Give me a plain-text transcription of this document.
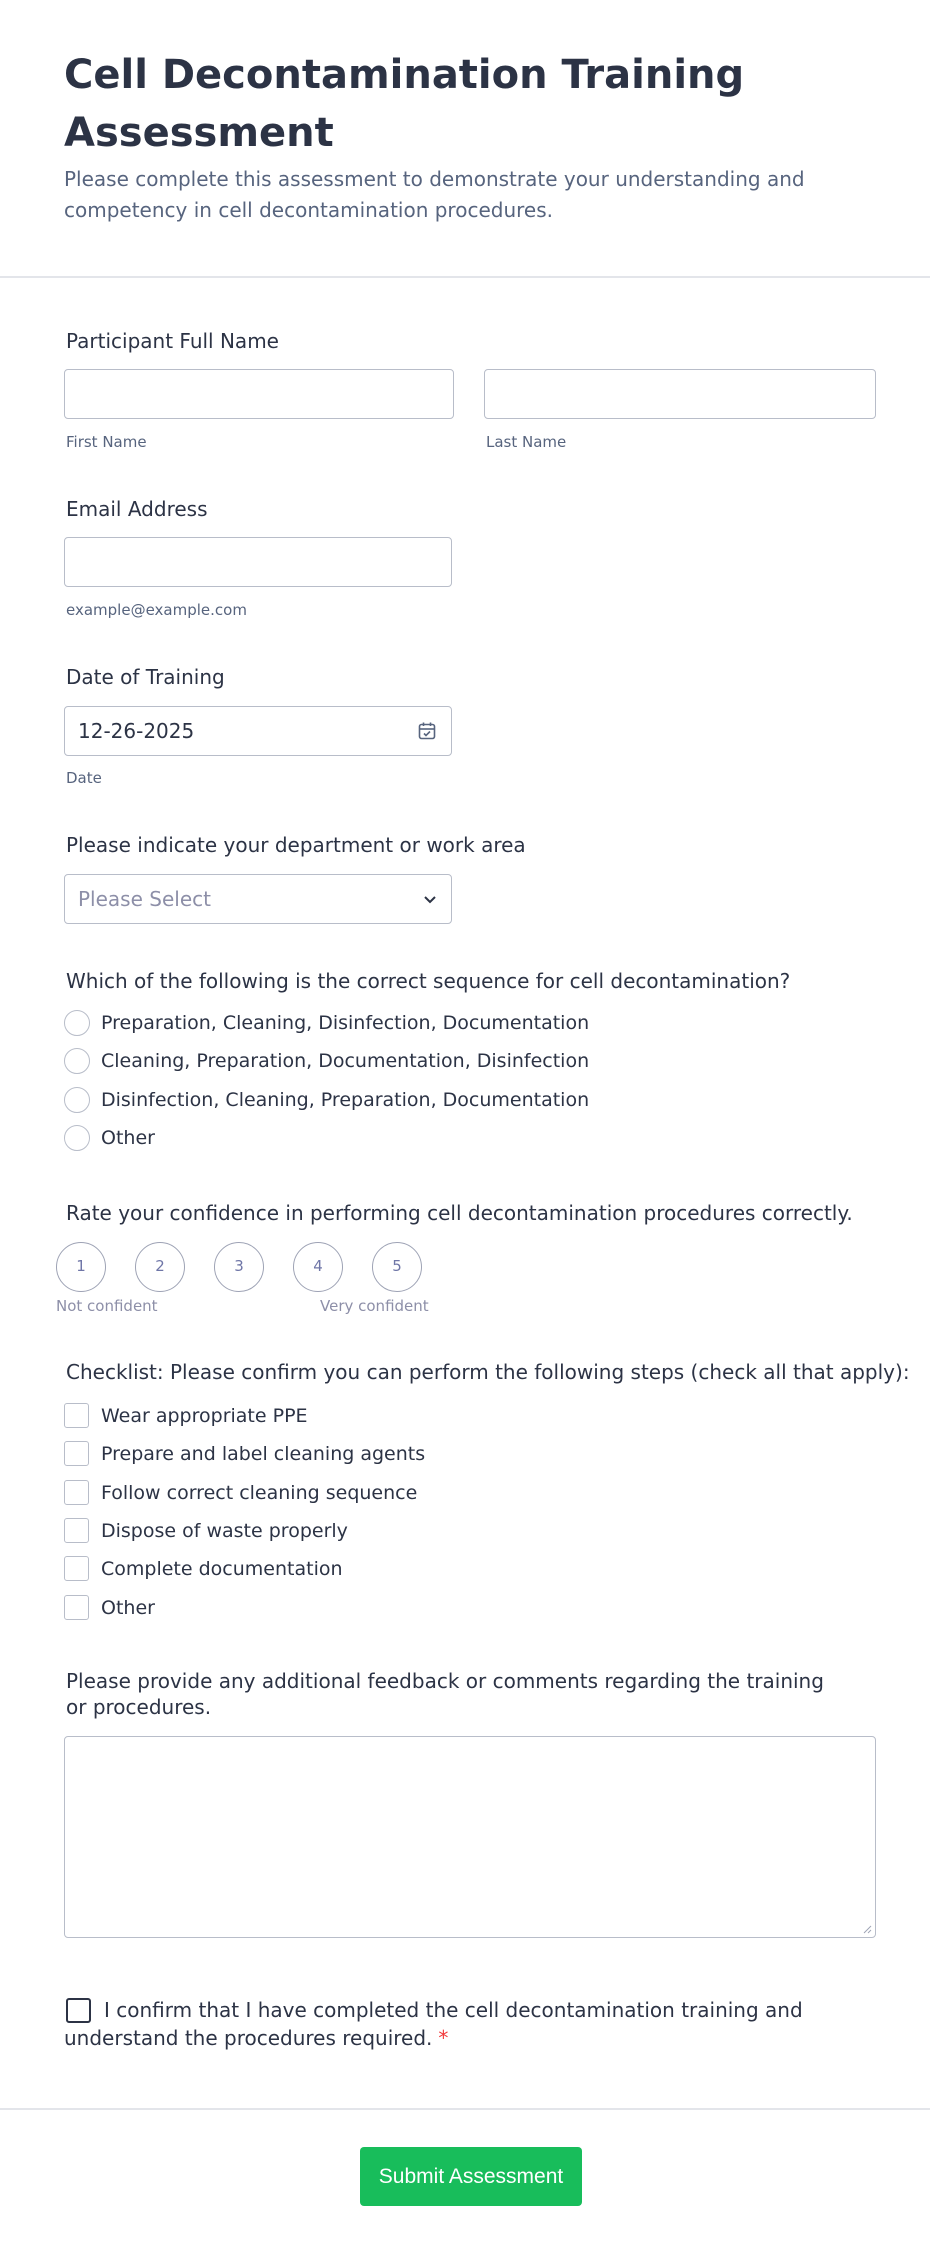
Cell Decontamination Training Assessment

Please complete this assessment to demonstrate your understanding and competency in cell decontamination procedures.

Participant Full Name
First Name	Last Name
Email Address
example@example.com
Date of Training
12-26-2025
Date
Please indicate your department or work area
Please Select
Which of the following is the correct sequence for cell decontamination?
Preparation, Cleaning, Disinfection, Documentation
Cleaning, Preparation, Documentation, Disinfection
Disinfection, Cleaning, Preparation, Documentation
Other
Rate your confidence in performing cell decontamination procedures correctly.
1	2	3	4	5
Not confident	Very confident
Checklist: Please confirm you can perform the following steps (check all that apply):
Wear appropriate PPE
Prepare and label cleaning agents
Follow correct cleaning sequence
Dispose of waste properly
Complete documentation
Other
Please provide any additional feedback or comments regarding the training or procedures.
I confirm that I have completed the cell decontamination training and understand the procedures required. *
Submit Assessment
